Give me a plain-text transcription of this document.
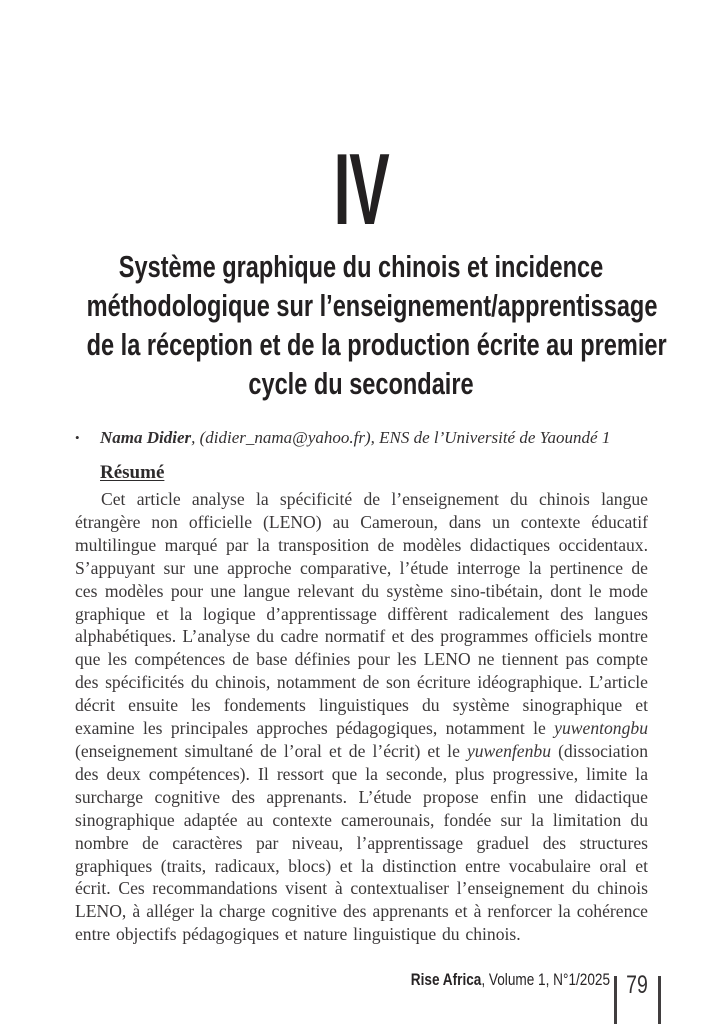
IV
Système graphique du chinois et incidence
méthodologique sur l’enseignement/apprentissage
de la réception et de la production écrite au premier
cycle du secondaire
• Nama Didier, (didier_nama@yahoo.fr), ENS de l’Université de Yaoundé 1
Résumé

Cet article analyse la spécificité de l’enseignement du chinois langue étrangère non officielle (LENO) au Cameroun, dans un contexte éducatif multilingue marqué par la transposition de modèles didactiques occidentaux. S’appuyant sur une approche comparative, l’étude interroge la pertinence de ces modèles pour une langue relevant du système sino-tibétain, dont le mode graphique et la logique d’apprentissage diffèrent radicalement des langues alphabétiques. L’analyse du cadre normatif et des programmes officiels montre que les compétences de base définies pour les LENO ne tiennent pas compte des spécificités du chinois, notamment de son écriture idéographique. L’article décrit ensuite les fondements linguistiques du système sinographique et examine les principales approches pédagogiques, notamment le yuwentongbu (enseignement simultané de l’oral et de l’écrit) et le yuwenfenbu (dissociation des deux compétences). Il ressort que la seconde, plus progressive, limite la surcharge cognitive des apprenants. L’étude propose enfin une didactique sinographique adaptée au contexte camerounais, fondée sur la limitation du nombre de caractères par niveau, l’apprentissage graduel des structures graphiques (traits, radicaux, blocs) et la distinction entre vocabulaire oral et écrit. Ces recommandations visent à contextualiser l’enseignement du chinois LENO, à alléger la charge cognitive des apprenants et à renforcer la cohérence entre objectifs pédagogiques et nature linguistique du chinois.

Rise Africa, Volume 1, N°1/2025 79
